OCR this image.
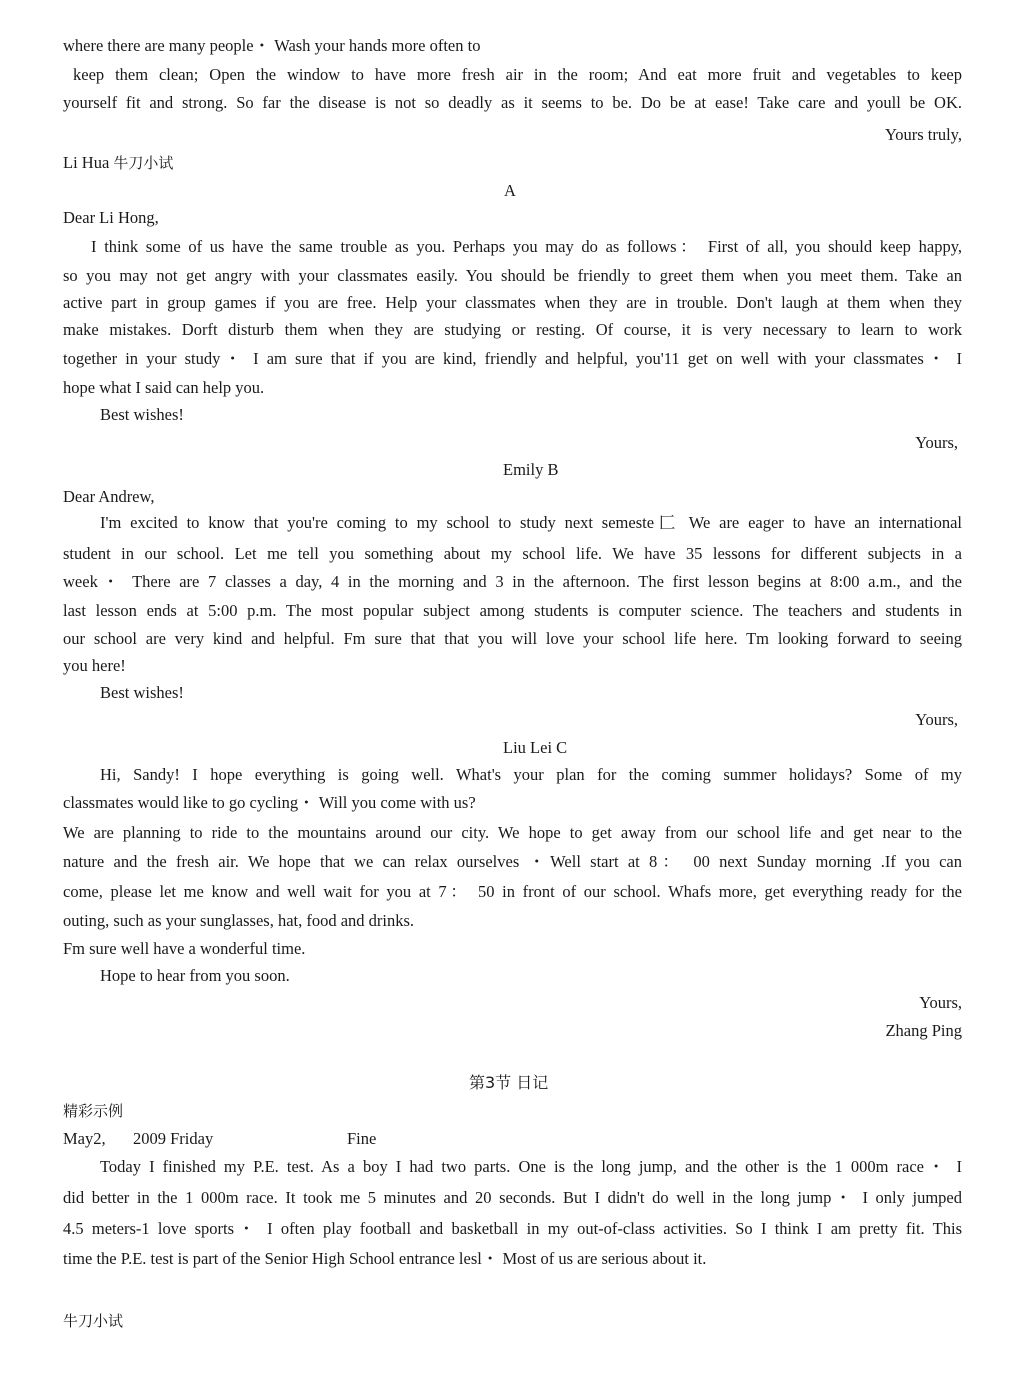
where there are many people・ Wash your hands more often to
keep them clean; Open the window to have more fresh air in the room; And eat more fruit and vegetables to keep
yourself fit and strong. So far the disease is not so deadly as it seems to be. Do be at ease! Take care and youll be OK.
Yours truly,
Li Hua 牛刀小试
A
Dear Li Hong,
I think some of us have the same trouble as you. Perhaps you may do as follows： First of all, you should keep happy,
so you may not get angry with your classmates easily. You should be friendly to greet them when you meet them. Take an
active part in group games if you are free. Help your classmates when they are in trouble. Don't laugh at them when they
make mistakes. Dorft disturb them when they are studying or resting. Of course, it is very necessary to learn to work
together in your study・ I am sure that if you are kind, friendly and helpful, you'11 get on well with your classmates・ I
hope what I said can help you.
Best wishes!
Yours,
Emily B
Dear Andrew,
I'm excited to know that you're coming to my school to study next semeste匚 We are eager to have an international
student in our school. Let me tell you something about my school life. We have 35 lessons for different subjects in a
week・ There are 7 classes a day, 4 in the morning and 3 in the afternoon. The first lesson begins at 8:00 a.m., and the
last lesson ends at 5:00 p.m. The most popular subject among students is computer science. The teachers and students in
our school are very kind and helpful. Fm sure that that you will love your school life here. Tm looking forward to seeing
you here!
Best wishes!
Yours,
Liu Lei C
Hi, Sandy! I hope everything is going well. What's your plan for the coming summer holidays? Some of my
classmates would like to go cycling・ Will you come with us?
We are planning to ride to the mountains around our city. We hope to get away from our school life and get near to the
nature and the fresh air. We hope that we can relax ourselves ・Well start at 8： 00 next Sunday morning .If you can
come, please let me know and well wait for you at 7： 50 in front of our school. Whafs more, get everything ready for the
outing, such as your sunglasses, hat, food and drinks.
Fm sure well have a wonderful time.
Hope to hear from you soon.
Yours,
Zhang Ping
第3节 日记
精彩示例
May2, 2009 Friday	Fine
Today I finished my P.E. test. As a boy I had two parts. One is the long jump, and the other is the 1 000m race・ I
did better in the 1 000m race. It took me 5 minutes and 20 seconds. But I didn't do well in the long jump・ I only jumped
4.5 meters-1 love sports・ I often play football and basketball in my out-of-class activities. So I think I am pretty fit. This
time the P.E. test is part of the Senior High School entrance lesl・ Most of us are serious about it.
牛刀小试
